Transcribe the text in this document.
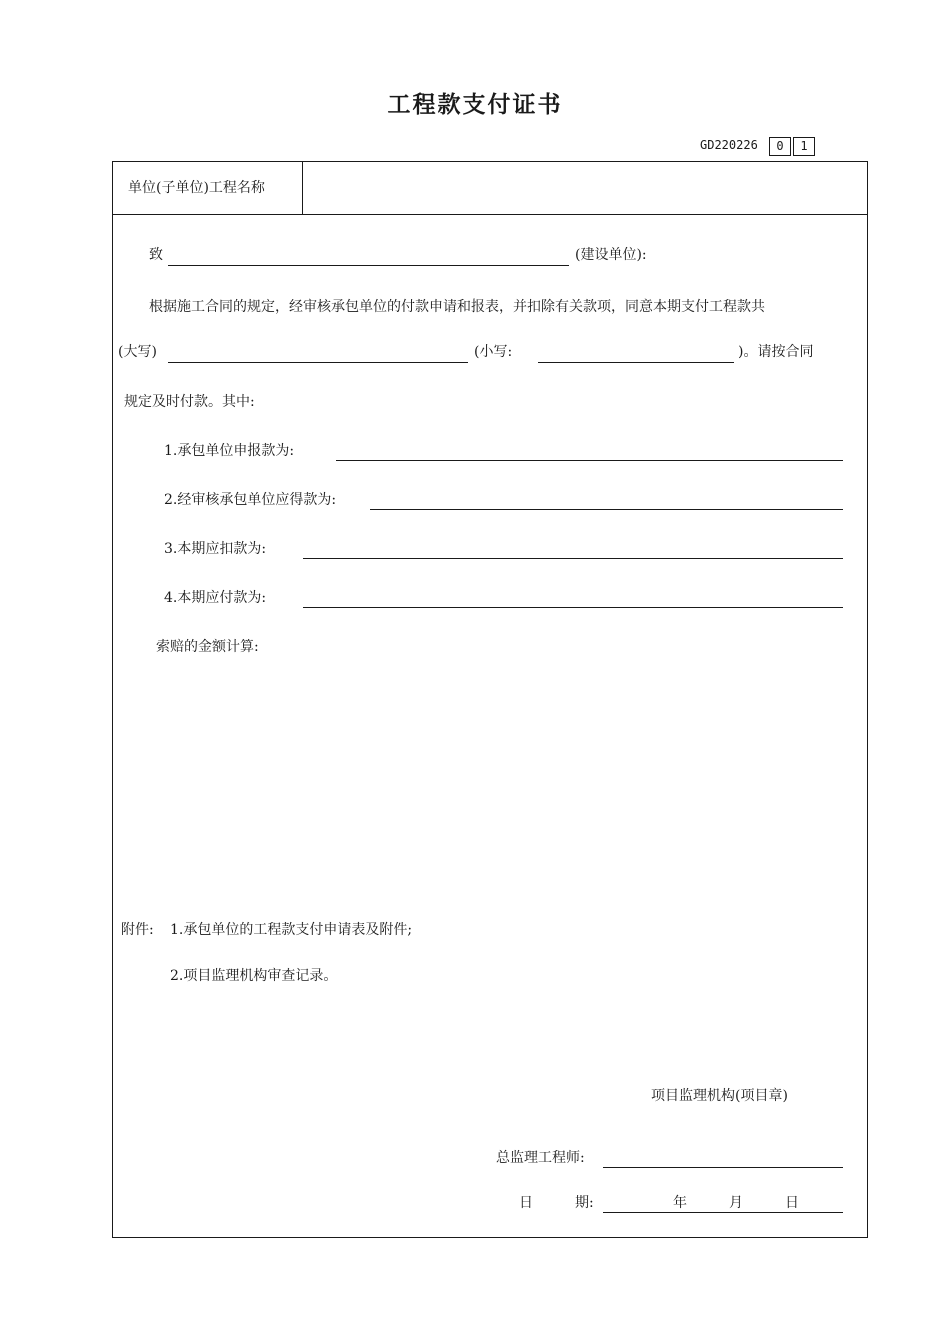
工程款支付证书
GD220226	0	1
单位(子单位)工程名称
致	(建设单位):
根据施工合同的规定，经审核承包单位的付款申请和报表，并扣除有关款项，同意本期支付工程款共
(大写)	(小写:	)。请按合同
规定及时付款。其中:
1.承包单位申报款为:
2.经审核承包单位应得款为:
3.本期应扣款为:
4.本期应付款为:
索赔的金额计算:
附件: 1.承包单位的工程款支付申请表及附件;
2.项目监理机构审查记录。
项目监理机构(项目章)
总监理工程师:
日	期:	年	月	日
